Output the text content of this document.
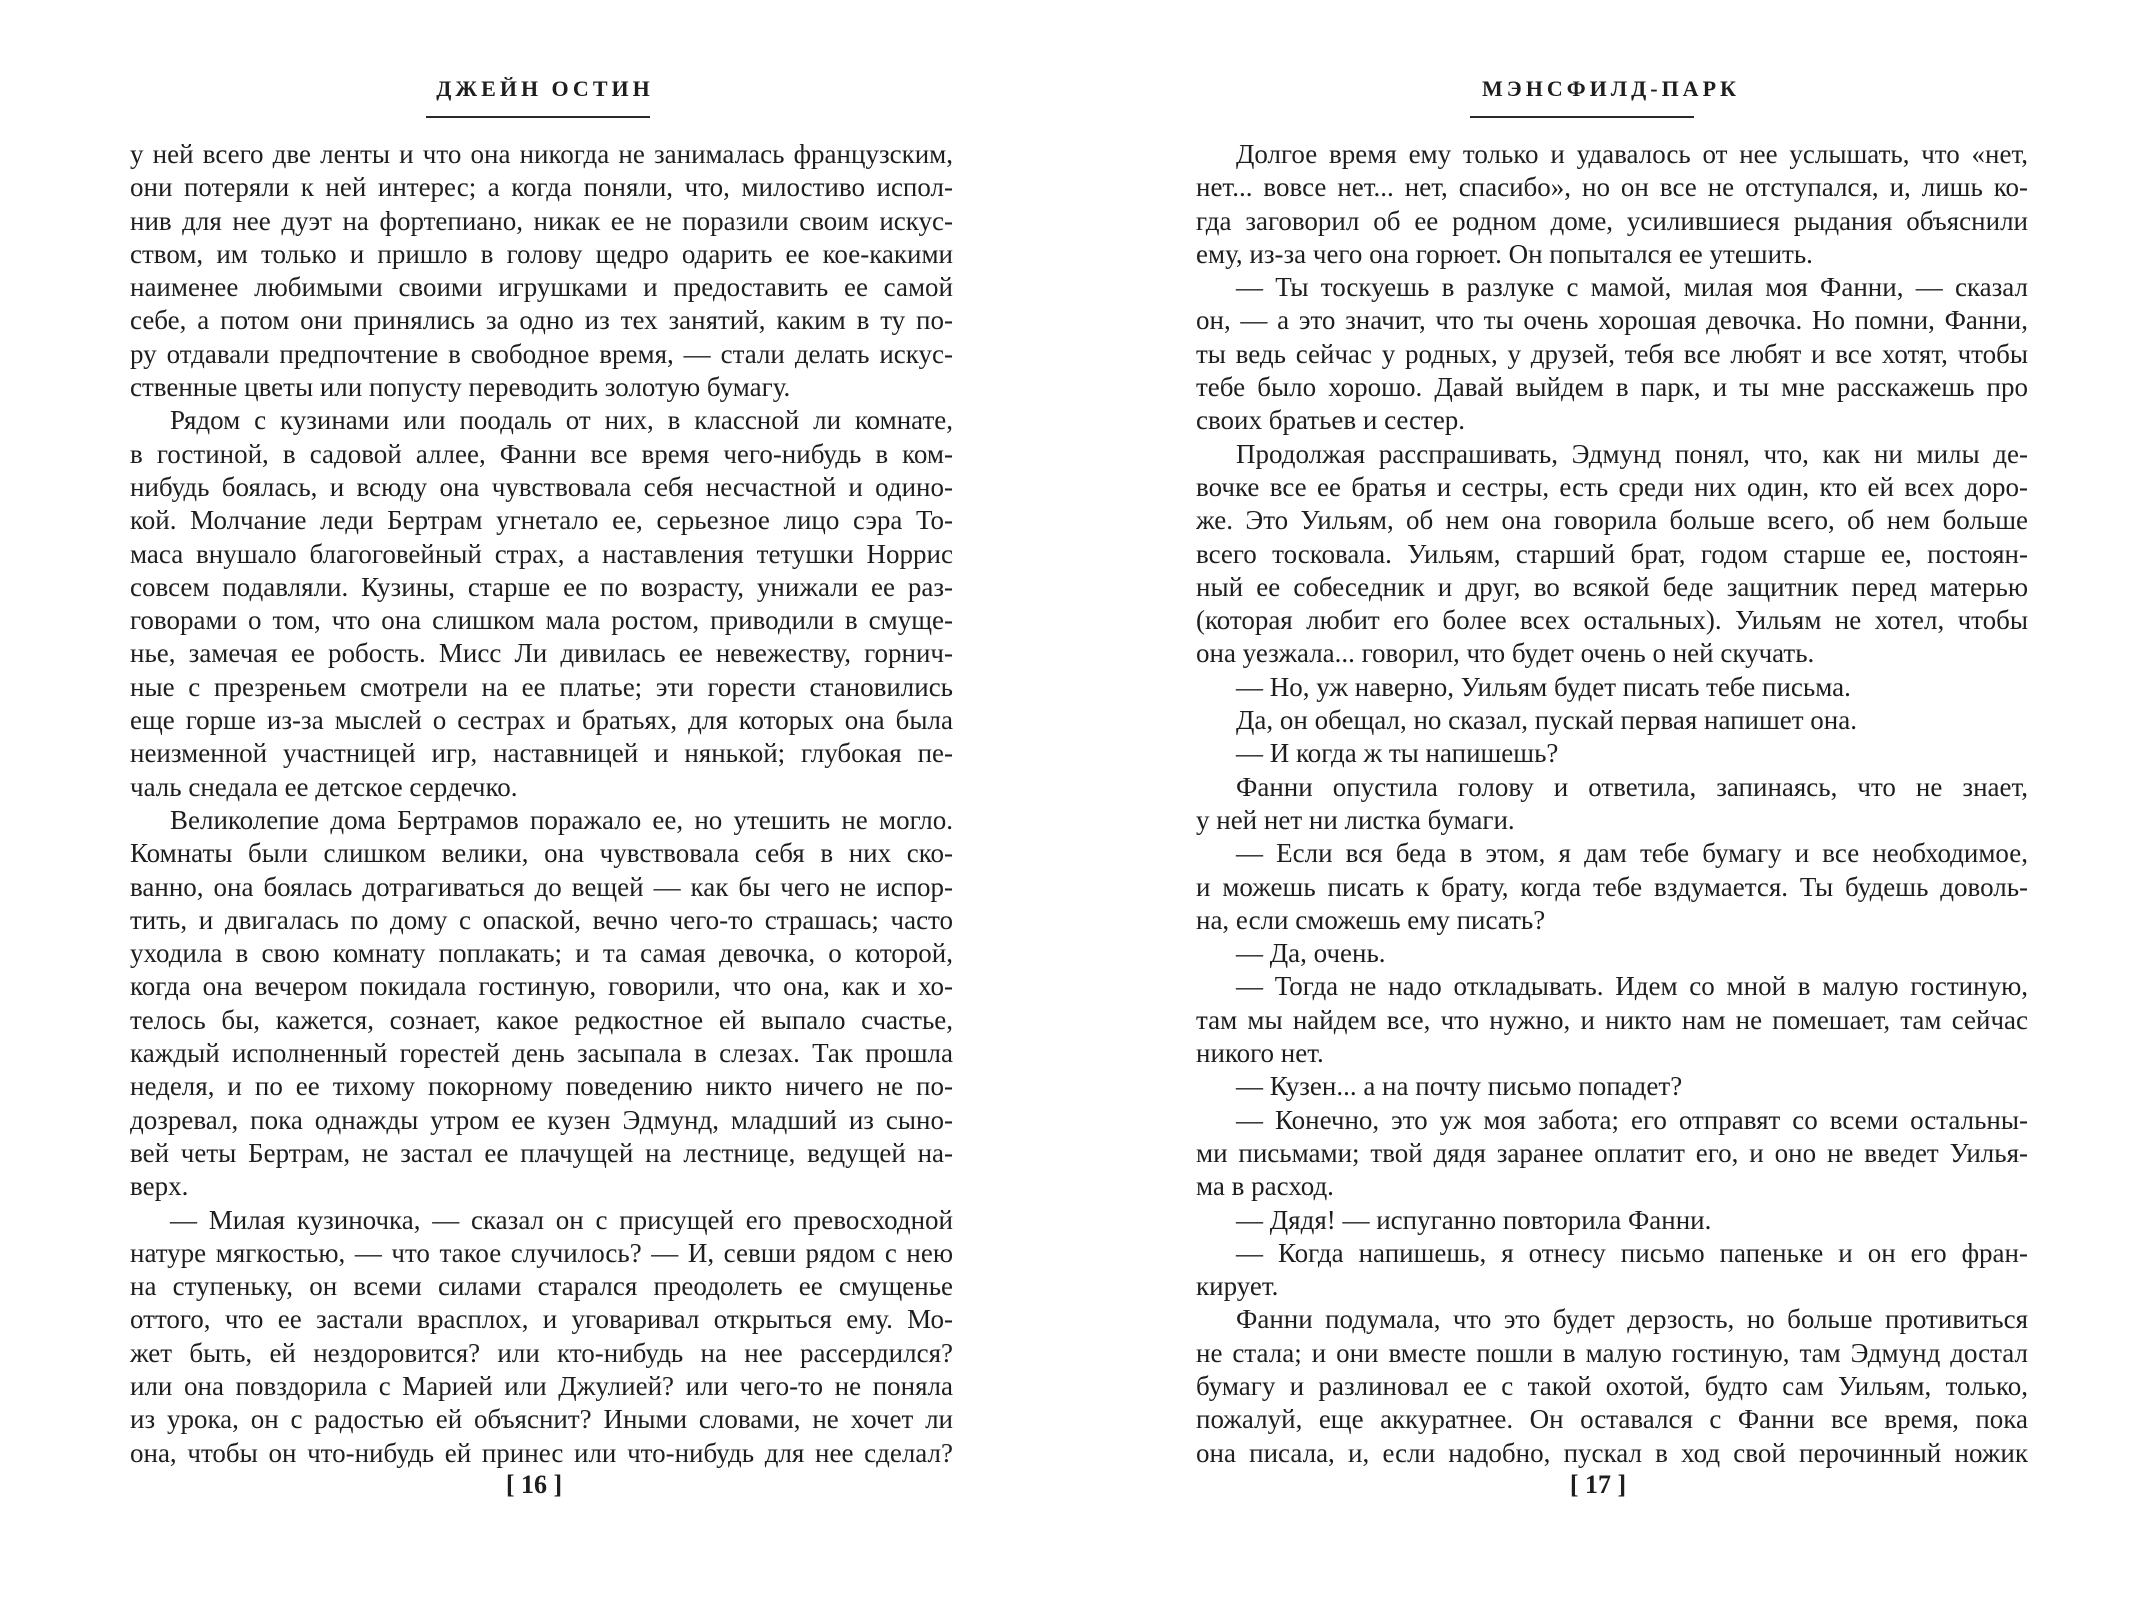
ДЖЕЙН ОСТИН
у ней всего две ленты и что она никогда не занималась французским,
они потеряли к ней интерес; а когда поняли, что, милостиво испол-
нив для нее дуэт на фортепиано, никак ее не поразили своим искус-
ством, им только и пришло в голову щедро одарить ее кое-какими
наименее любимыми своими игрушками и предоставить ее самой
себе, а потом они принялись за одно из тех занятий, каким в ту по-
ру отдавали предпочтение в свободное время, — стали делать искус-
ственные цветы или попусту переводить золотую бумагу.
Рядом с кузинами или поодаль от них, в классной ли комнате,
в гостиной, в садовой аллее, Фанни все время чего-нибудь в ком-
нибудь боялась, и всюду она чувствовала себя несчастной и одино-
кой. Молчание леди Бертрам угнетало ее, серьезное лицо сэра То-
маса внушало благоговейный страх, а наставления тетушки Норрис
совсем подавляли. Кузины, старше ее по возрасту, унижали ее раз-
говорами о том, что она слишком мала ростом, приводили в смуще-
нье, замечая ее робость. Мисс Ли дивилась ее невежеству, горнич-
ные с презреньем смотрели на ее платье; эти горести становились
еще горше из-за мыслей о сестрах и братьях, для которых она была
неизменной участницей игр, наставницей и нянькой; глубокая пе-
чаль снедала ее детское сердечко.
Великолепие дома Бертрамов поражало ее, но утешить не могло.
Комнаты были слишком велики, она чувствовала себя в них ско-
ванно, она боялась дотрагиваться до вещей — как бы чего не испор-
тить, и двигалась по дому с опаской, вечно чего-то страшась; часто
уходила в свою комнату поплакать; и та самая девочка, о которой,
когда она вечером покидала гостиную, говорили, что она, как и хо-
телось бы, кажется, сознает, какое редкостное ей выпало счастье,
каждый исполненный горестей день засыпала в слезах. Так прошла
неделя, и по ее тихому покорному поведению никто ничего не по-
дозревал, пока однажды утром ее кузен Эдмунд, младший из сыно-
вей четы Бертрам, не застал ее плачущей на лестнице, ведущей на-
верх.
— Милая кузиночка, — сказал он с присущей его превосходной
натуре мягкостью, — что такое случилось? — И, севши рядом с нею
на ступеньку, он всеми силами старался преодолеть ее смущенье
оттого, что ее застали врасплох, и уговаривал открыться ему. Мо-
жет быть, ей нездоровится? или кто-нибудь на нее рассердился?
или она повздорила с Марией или Джулией? или чего-то не поняла
из урока, он с радостью ей объяснит? Иными словами, не хочет ли
она, чтобы он что-нибудь ей принес или что-нибудь для нее сделал?
[ 16 ]
МЭНСФИЛД-ПАРК
Долгое время ему только и удавалось от нее услышать, что «нет,
нет... вовсе нет... нет, спасибо», но он все не отступался, и, лишь ко-
гда заговорил об ее родном доме, усилившиеся рыдания объяснили
ему, из-за чего она горюет. Он попытался ее утешить.
— Ты тоскуешь в разлуке с мамой, милая моя Фанни, — сказал
он, — а это значит, что ты очень хорошая девочка. Но помни, Фанни,
ты ведь сейчас у родных, у друзей, тебя все любят и все хотят, чтобы
тебе было хорошо. Давай выйдем в парк, и ты мне расскажешь про
своих братьев и сестер.
Продолжая расспрашивать, Эдмунд понял, что, как ни милы де-
вочке все ее братья и сестры, есть среди них один, кто ей всех доро-
же. Это Уильям, об нем она говорила больше всего, об нем больше
всего тосковала. Уильям, старший брат, годом старше ее, постоян-
ный ее собеседник и друг, во всякой беде защитник перед матерью
(которая любит его более всех остальных). Уильям не хотел, чтобы
она уезжала... говорил, что будет очень о ней скучать.
— Но, уж наверно, Уильям будет писать тебе письма.
Да, он обещал, но сказал, пускай первая напишет она.
— И когда ж ты напишешь?
Фанни опустила голову и ответила, запинаясь, что не знает,
у ней нет ни листка бумаги.
— Если вся беда в этом, я дам тебе бумагу и все необходимое,
и можешь писать к брату, когда тебе вздумается. Ты будешь доволь-
на, если сможешь ему писать?
— Да, очень.
— Тогда не надо откладывать. Идем со мной в малую гостиную,
там мы найдем все, что нужно, и никто нам не помешает, там сейчас
никого нет.
— Кузен... а на почту письмо попадет?
— Конечно, это уж моя забота; его отправят со всеми остальны-
ми письмами; твой дядя заранее оплатит его, и оно не введет Уилья-
ма в расход.
— Дядя! — испуганно повторила Фанни.
— Когда напишешь, я отнесу письмо папеньке и он его фран-
кирует.
Фанни подумала, что это будет дерзость, но больше противиться
не стала; и они вместе пошли в малую гостиную, там Эдмунд достал
бумагу и разлиновал ее с такой охотой, будто сам Уильям, только,
пожалуй, еще аккуратнее. Он оставался с Фанни все время, пока
она писала, и, если надобно, пускал в ход свой перочинный ножик
[ 17 ]
